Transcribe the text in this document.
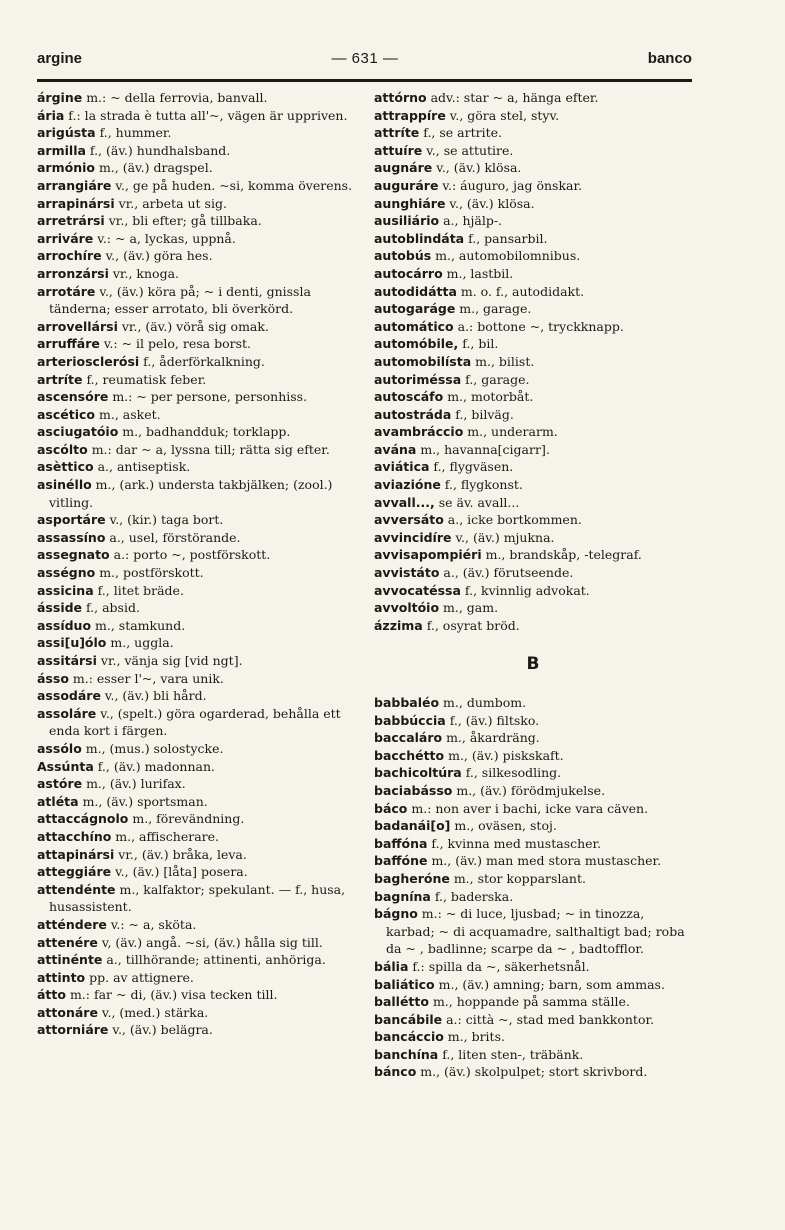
argine	— 631 —	banco

árgine m.: ~ della ferrovia, banvall.

ária f.: la strada è tutta all'~, vägen är uppriven.

arigústa f., hummer.

armilla f., (äv.) hundhalsband.

armónio m., (äv.) dragspel.

arrangiáre v., ge på huden. ~si, komma överens.

arrapinársi vr., arbeta ut sig.

arretrársi vr., bli efter; gå tillbaka.

arriváre v.: ~ a, lyckas, uppnå.

arrochíre v., (äv.) göra hes.

arronzársi vr., knoga.

arrotáre v., (äv.) köra på; ~ i denti, gnissla tänderna; esser arrotato, bli överkörd.

arrovellársi vr., (äv.) vörå sig omak.

arruffáre v.: ~ il pelo, resa borst.

arteriosclerósi f., åderförkalkning.

artríte f., reumatisk feber.

ascensóre m.: ~ per persone, personhiss.

ascético m., asket.

asciugatóio m., badhandduk; torklapp.

ascólto m.: dar ~ a, lyssna till; rätta sig efter.

asèttico a., antiseptisk.

asinéllo m., (ark.) understa takbjälken; (zool.) vitling.

asportáre v., (kir.) taga bort.

assassíno a., usel, förstörande.

assegnato a.: porto ~, postförskott.

asségno m., postförskott.

assicina f., litet bräde.

ásside f., absid.

assíduo m., stamkund.

assi[u]ólo m., uggla.

assitársi vr., vänja sig [vid ngt].

ásso m.: esser l'~, vara unik.

assodáre v., (äv.) bli hård.

assoláre v., (spelt.) göra ogarderad, behålla ett enda kort i färgen.

assólo m., (mus.) solostycke.

Assúnta f., (äv.) madonnan.

astóre m., (äv.) lurifax.

atléta m., (äv.) sportsman.

attaccágnolo m., förevändning.

attacchíno m., affischerare.

attapinársi vr., (äv.) bråka, leva.

atteggiáre v., (äv.) [låta] posera.

attendénte m., kalfaktor; spekulant. — f., husa, husassistent.

atténdere v.: ~ a, sköta.

attenére v, (äv.) angå. ~si, (äv.) hålla sig till.

attinénte a., tillhörande; attinenti, anhöriga.

attinto pp. av attignere.

átto m.: far ~ di, (äv.) visa tecken till.

attonáre v., (med.) stärka.

attorniáre v., (äv.) belägra.

attórno adv.: star ~ a, hänga efter.

attrappíre v., göra stel, styv.

attríte f., se artrite.

attuíre v., se attutire.

augnáre v., (äv.) klösa.

auguráre v.: áuguro, jag önskar.

aunghiáre v., (äv.) klösa.

ausiliário a., hjälp-.

autoblindáta f., pansarbil.

autobús m., automobilomnibus.

autocárro m., lastbil.

autodidátta m. o. f., autodidakt.

autogaráge m., garage.

automático a.: bottone ~, tryckknapp.

automóbile, f., bil.

automobilísta m., bilist.

autoriméssa f., garage.

autoscáfo m., motorbåt.

autostráda f., bilväg.

avambráccio m., underarm.

avána m., havanna[cigarr].

aviática f., flygväsen.

aviazióne f., flygkonst.

avvall..., se äv. avall...

avversáto a., icke bortkommen.

avvincidíre v., (äv.) mjukna.

avvisapompiéri m., brandskåp, -telegraf.

avvistáto a., (äv.) förutseende.

avvocatéssa f., kvinnlig advokat.

avvoltóio m., gam.

ázzima f., osyrat bröd.

B

babbaléo m., dumbom.

babbúccia f., (äv.) filtsko.

baccaláro m., åkardräng.

bacchétto m., (äv.) piskskaft.

bachicoltúra f., silkesodling.

baciabásso m., (äv.) förödmjukelse.

báco m.: non aver i bachi, icke vara cäven.

badanái[o] m., oväsen, stoj.

baffóna f., kvinna med mustascher.

baffóne m., (äv.) man med stora mustascher.

bagheróne m., stor kopparslant.

bagnína f., baderska.

bágno m.: ~ di luce, ljusbad; ~ in tinozza, karbad; ~ di acquamadre, salthaltigt bad; roba da ~ , badlinne; scarpe da ~ , badtofflor.

bália f.: spilla da ~, säkerhetsnål.

baliático m., (äv.) amning; barn, som ammas.

ballétto m., hoppande på samma ställe.

bancábile a.: città ~, stad med bankkontor.

bancáccio m., brits.

banchína f., liten sten-, träbänk.

bánco m., (äv.) skolpulpet; stort skrivbord.
